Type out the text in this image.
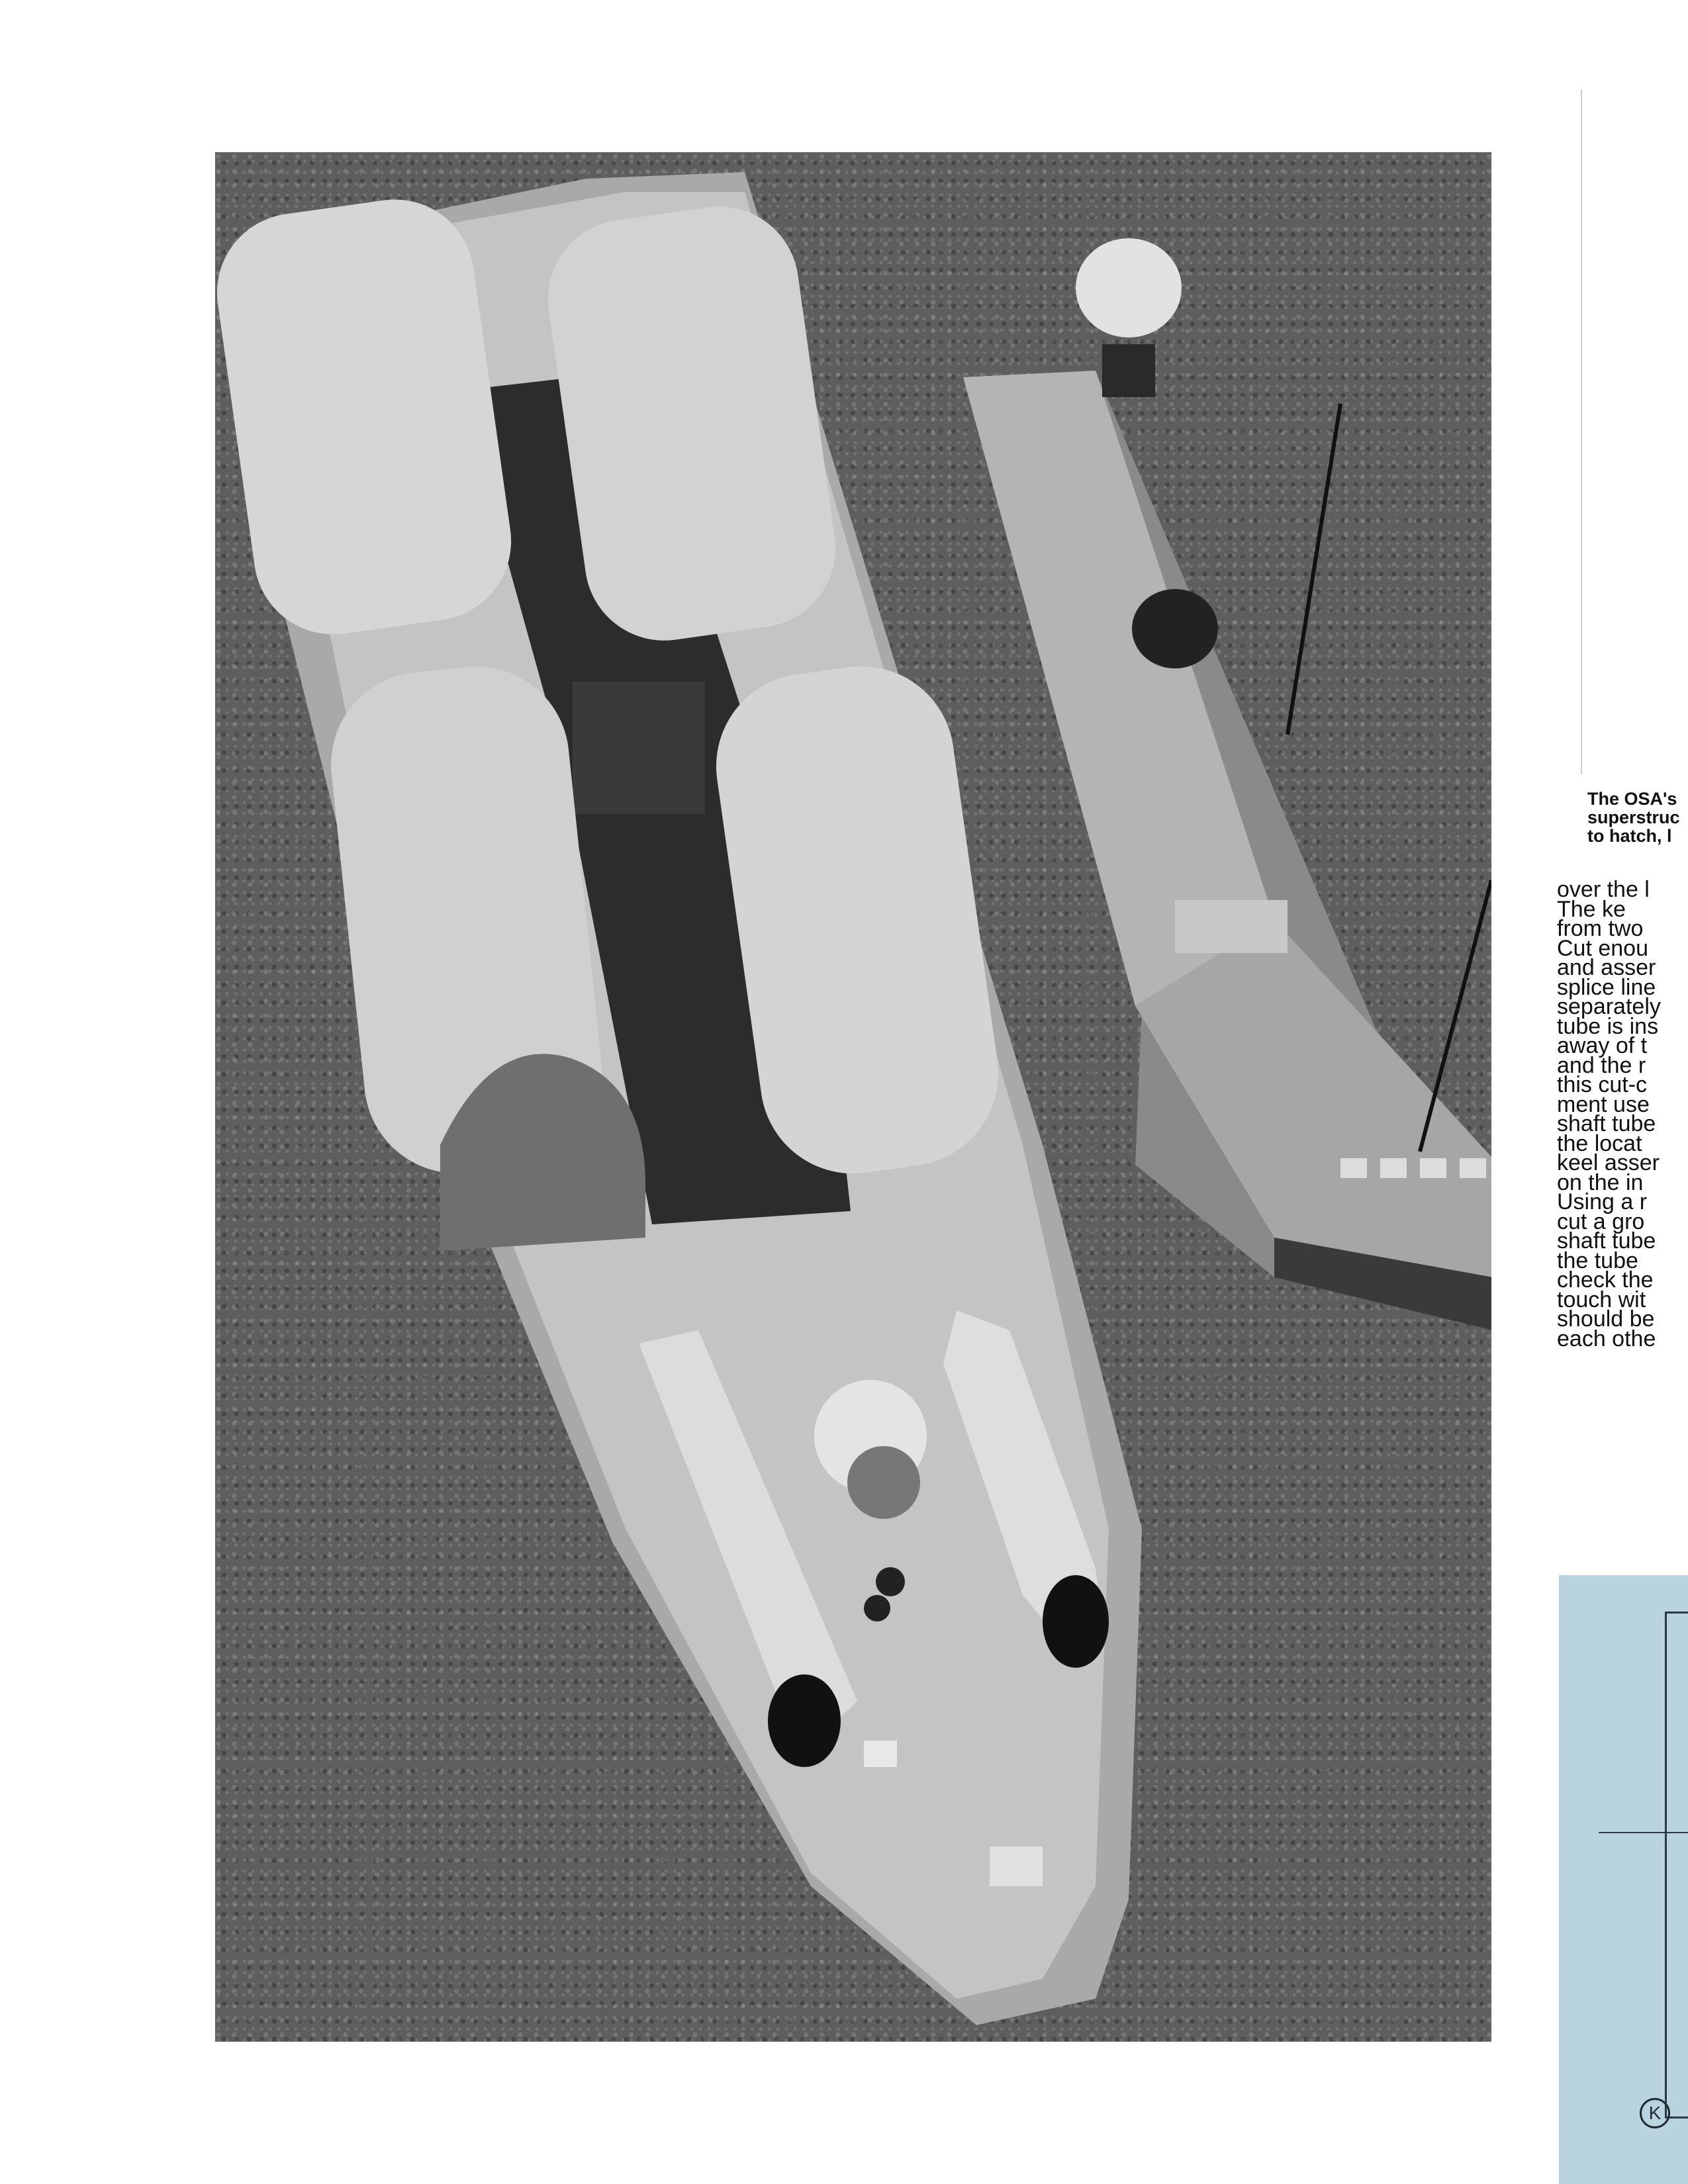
The OSA's
superstruc
to hatch, l
over the l
The ke
from two
Cut enou
and asser
splice line
separately
tube is ins
away of t
and the r
this cut-c
ment use
shaft tube
the locat
keel asser
on the in
Using a r
cut a gro
shaft tube
the tube
check the
touch wit
should be
each othe
K
